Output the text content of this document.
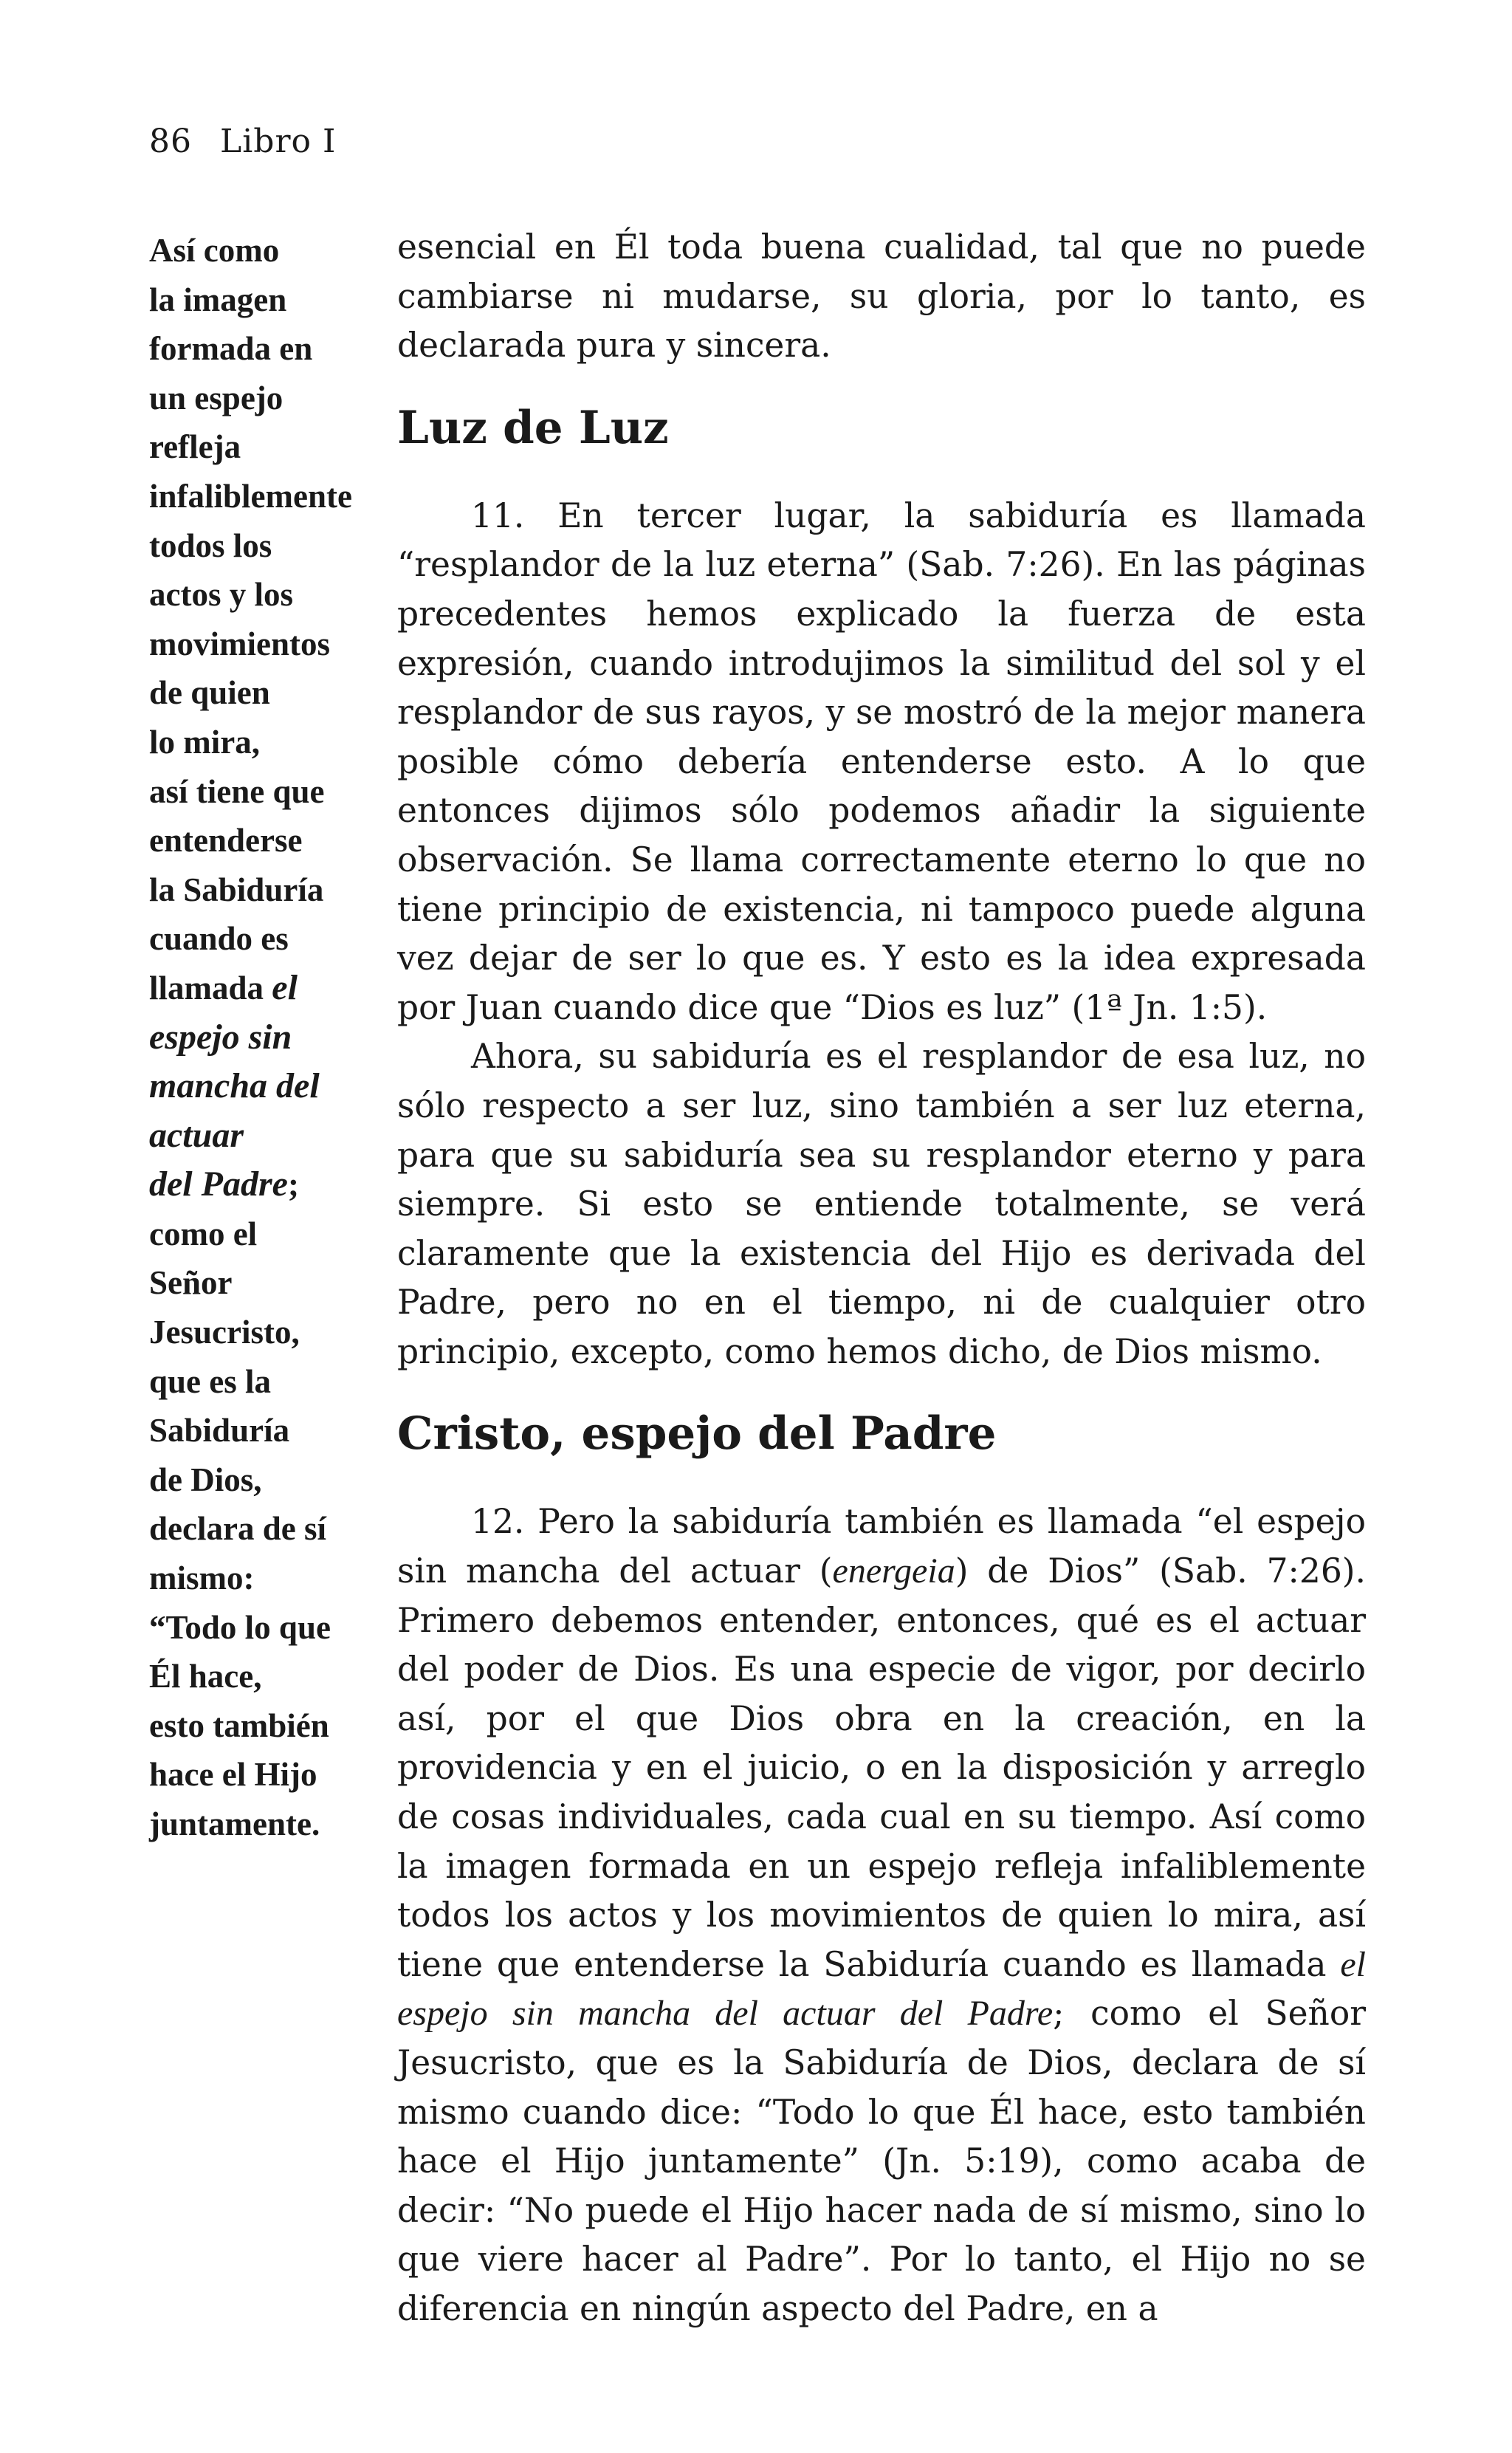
86 Libro I
Así como
la imagen
formada en
un espejo
refleja
infaliblemente
todos los
actos y los
movimientos
de quien
lo mira,
así tiene que
entenderse
la Sabiduría
cuando es
llamada el
espejo sin
mancha del
actuar
del Padre;
como el
Señor
Jesucristo,
que es la
Sabiduría
de Dios,
declara de sí
mismo:
“Todo lo que
Él hace,
esto también
hace el Hijo
juntamente.

esencial en Él toda buena cualidad, tal que no puede cambiarse ni mudarse, su gloria, por lo tanto, es declarada pura y sincera.

Luz de Luz

11. En tercer lugar, la sabiduría es llamada “resplandor de la luz eterna” (Sab. 7:26). En las páginas precedentes hemos explicado la fuerza de esta expresión, cuando introdujimos la similitud del sol y el resplandor de sus rayos, y se mostró de la mejor manera posible cómo debería entenderse esto. A lo que entonces dijimos sólo podemos añadir la siguiente observación. Se llama correctamente eterno lo que no tiene principio de existencia, ni tampoco puede alguna vez dejar de ser lo que es. Y esto es la idea expresada por Juan cuando dice que “Dios es luz” (1ª Jn. 1:5).

Ahora, su sabiduría es el resplandor de esa luz, no sólo respecto a ser luz, sino también a ser luz eterna, para que su sabiduría sea su resplandor eterno y para siempre. Si esto se entiende totalmente, se verá claramente que la existencia del Hijo es derivada del Padre, pero no en el tiempo, ni de cualquier otro principio, excepto, como hemos dicho, de Dios mismo.

Cristo, espejo del Padre

12. Pero la sabiduría también es llamada “el espejo sin mancha del actuar (energeia) de Dios” (Sab. 7:26). Primero debemos entender, entonces, qué es el actuar del poder de Dios. Es una especie de vigor, por decirlo así, por el que Dios obra en la creación, en la providencia y en el juicio, o en la disposición y arreglo de cosas individuales, cada cual en su tiempo. Así como la imagen formada en un espejo refleja infaliblemente todos los actos y los movimientos de quien lo mira, así tiene que entenderse la Sabiduría cuando es llamada el espejo sin mancha del actuar del Padre; como el Señor Jesucristo, que es la Sabiduría de Dios, declara de sí mismo cuando dice: “Todo lo que Él hace, esto también hace el Hijo juntamente” (Jn. 5:19), como acaba de decir: “No puede el Hijo hacer nada de sí mismo, sino lo que viere hacer al Padre”. Por lo tanto, el Hijo no se diferencia en ningún aspecto del Padre, en a
